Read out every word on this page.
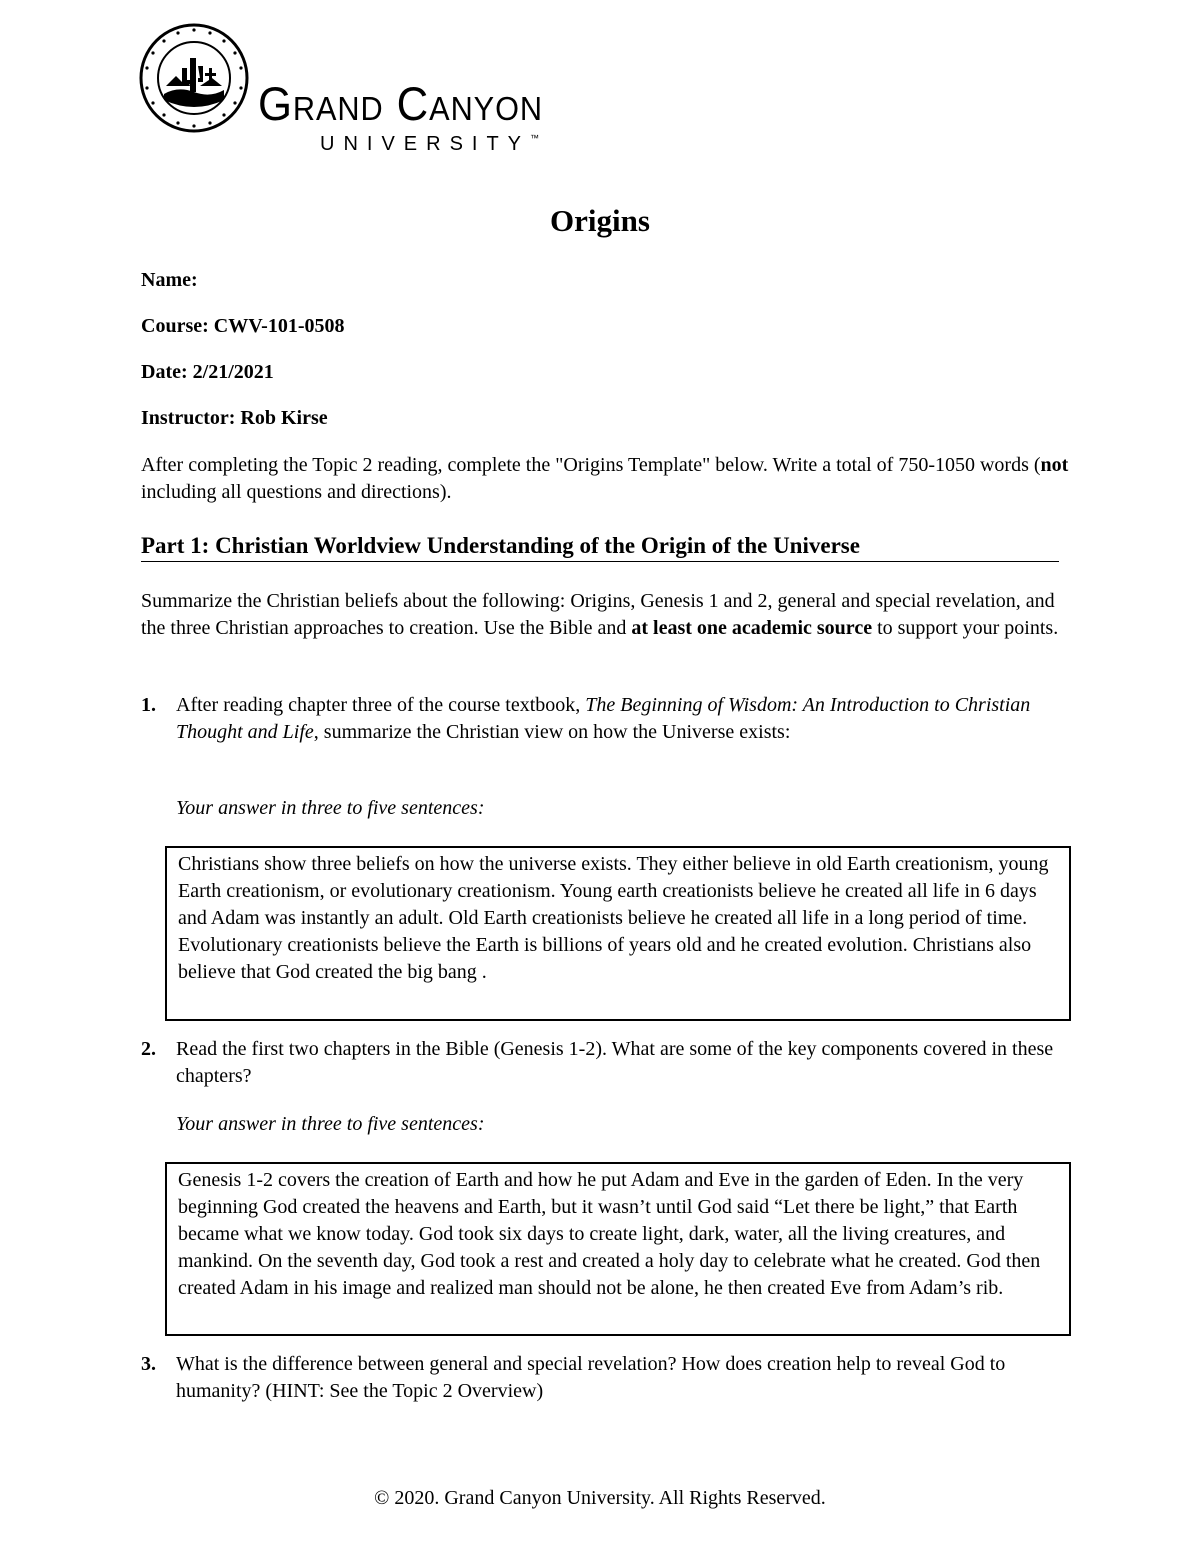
Grand Canyon
UNIVERSITY™
Origins
Name:
Course: CWV-101-0508
Date: 2/21/2021
Instructor: Rob Kirse
After completing the Topic 2 reading, complete the "Origins Template" below. Write a total of 750-1050 words (not including all questions and directions).
Part 1: Christian Worldview Understanding of the Origin of the Universe
Summarize the Christian beliefs about the following: Origins, Genesis 1 and 2, general and special revelation, and the three Christian approaches to creation. Use the Bible and at least one academic source to support your points.
1. After reading chapter three of the course textbook, The Beginning of Wisdom: An Introduction to Christian Thought and Life, summarize the Christian view on how the Universe exists:
Your answer in three to five sentences:
Christians show three beliefs on how the universe exists. They either believe in old Earth creationism, young Earth creationism, or evolutionary creationism. Young earth creationists believe he created all life in 6 days and Adam was instantly an adult. Old Earth creationists believe he created all life in a long period of time. Evolutionary creationists believe the Earth is billions of years old and he created evolution. Christians also believe that God created the big bang .
2. Read the first two chapters in the Bible (Genesis 1-2). What are some of the key components covered in these chapters?
Your answer in three to five sentences:
Genesis 1-2 covers the creation of Earth and how he put Adam and Eve in the garden of Eden. In the very beginning God created the heavens and Earth, but it wasn’t until God said “Let there be light,” that Earth became what we know today. God took six days to create light, dark, water, all the living creatures, and mankind. On the seventh day, God took a rest and created a holy day to celebrate what he created. God then created Adam in his image and realized man should not be alone, he then created Eve from Adam’s rib.
3. What is the difference between general and special revelation? How does creation help to reveal God to humanity? (HINT: See the Topic 2 Overview)
© 2020. Grand Canyon University. All Rights Reserved.
